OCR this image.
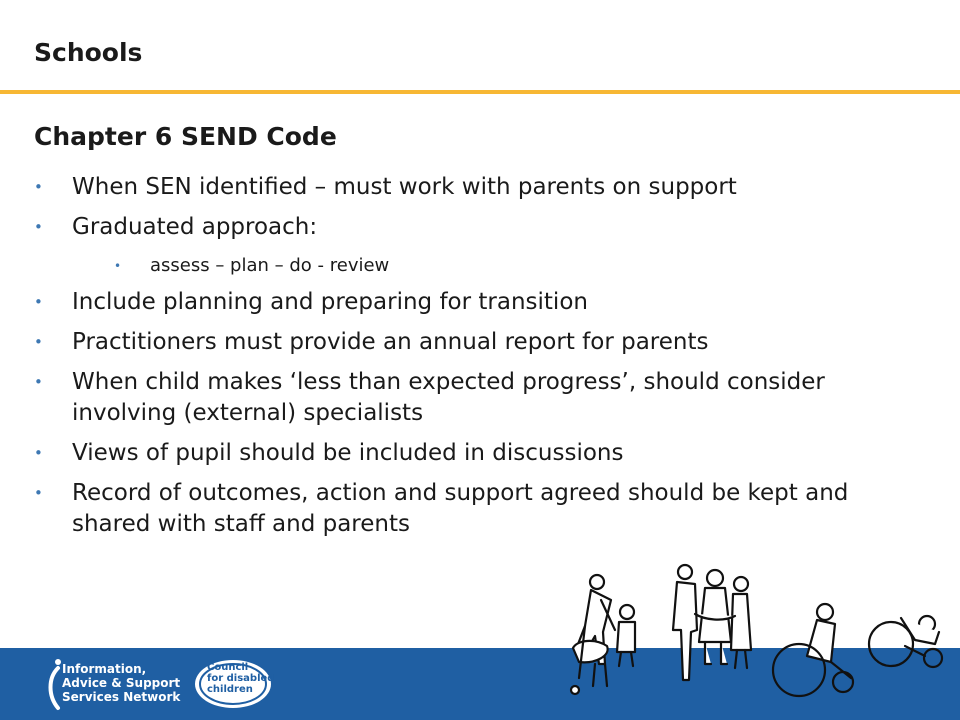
Schools
Chapter 6 SEND Code
• When SEN identified – must work with parents on support
• Graduated approach:
• assess – plan – do - review
• Include planning and preparing for transition
• Practitioners must provide an annual report for parents
• When child makes ‘less than expected progress’, should consider involving (external) specialists
• Views of pupil should be included in discussions
• Record of outcomes, action and support agreed should be kept and shared with staff and parents
Information,
Advice & Support
Services Network
Council
for disabled
children
